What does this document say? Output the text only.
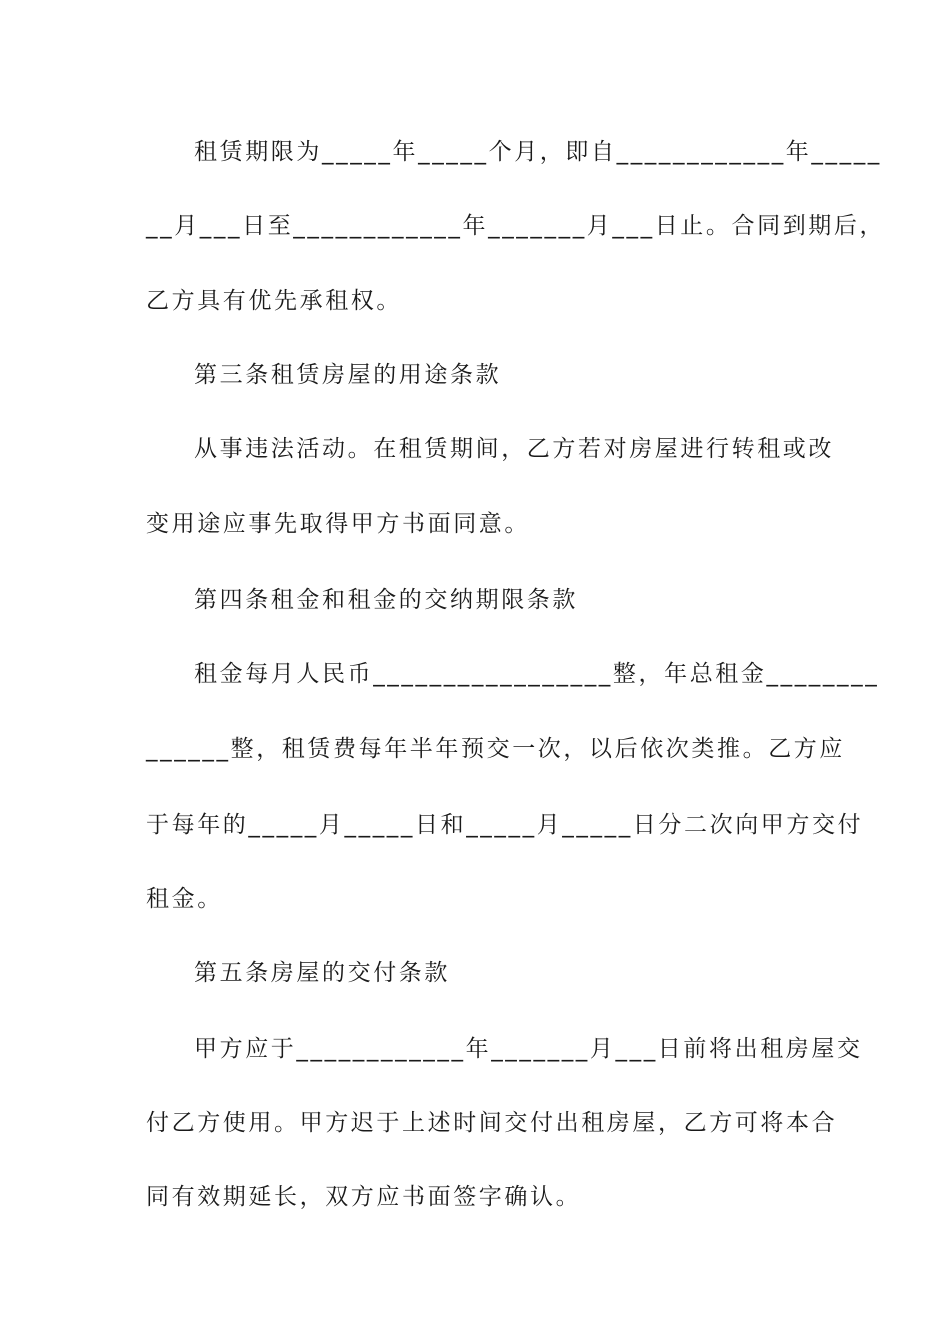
租赁期限为_____年_____个月，即自____________年_____
__月___日至____________年_______月___日止。合同到期后，
乙方具有优先承租权。
第三条租赁房屋的用途条款
从事违法活动。在租赁期间，乙方若对房屋进行转租或改
变用途应事先取得甲方书面同意。
第四条租金和租金的交纳期限条款
租金每月人民币_________________整，年总租金________
______整，租赁费每年半年预交一次，以后依次类推。乙方应
于每年的_____月_____日和_____月_____日分二次向甲方交付
租金。
第五条房屋的交付条款
甲方应于____________年_______月___日前将出租房屋交
付乙方使用。甲方迟于上述时间交付出租房屋，乙方可将本合
同有效期延长，双方应书面签字确认。
